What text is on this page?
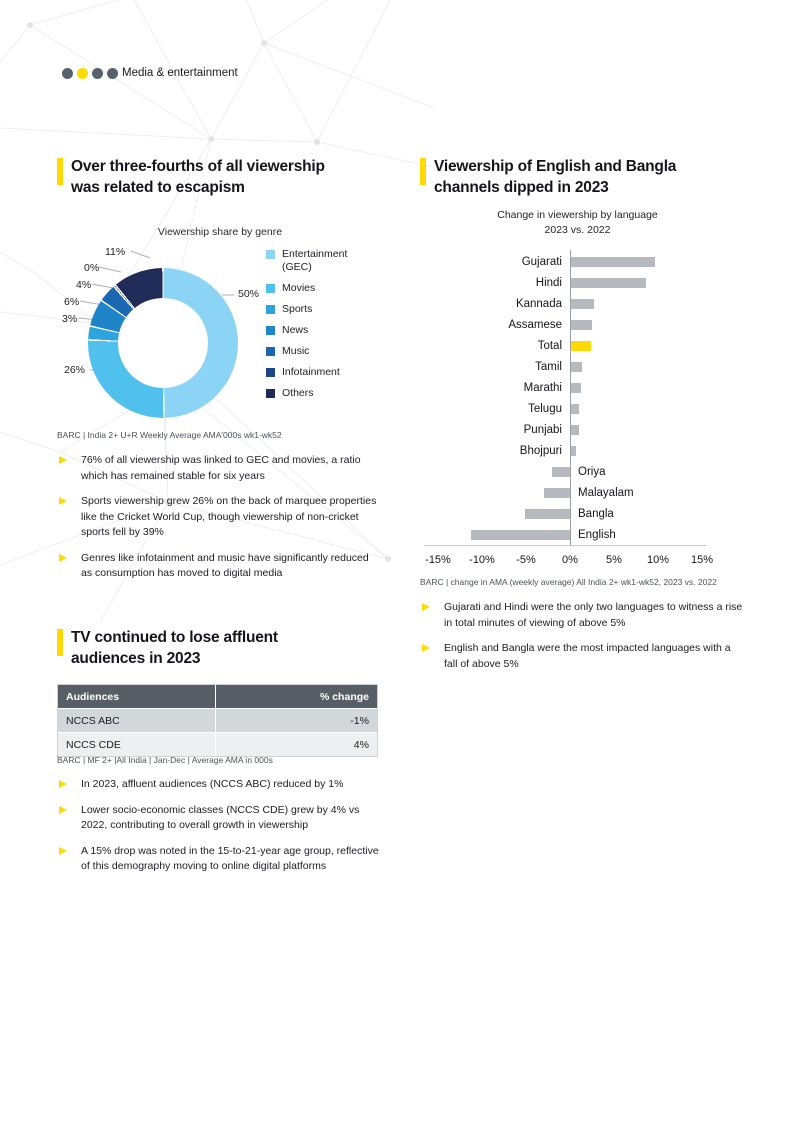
Media & entertainment
Over three-fourths of all viewership was related to escapism
Viewership share by genre
50%
26%
3%
6%
4%
0%
11%	Entertainment (GEC)
Movies
Sports
News
Music
Infotainment
Others
BARC | India 2+ U+R Weekly Average AMA'000s wk1-wk52
76% of all viewership was linked to GEC and movies, a ratio which has remained stable for six years
Sports viewership grew 26% on the back of marquee properties like the Cricket World Cup, though viewership of non-cricket sports fell by 39%
Genres like infotainment and music have significantly reduced as consumption has moved to digital media
TV continued to lose affluent audiences in 2023
Audiences	% change
NCCS ABC	-1%
NCCS CDE	4%
BARC | MF 2+ |All India | Jan-Dec | Average AMA in 000s
In 2023, affluent audiences (NCCS ABC) reduced by 1%
Lower socio-economic classes (NCCS CDE) grew by 4% vs 2022, contributing to overall growth in viewership
A 15% drop was noted in the 15-to-21-year age group, reflective of this demography moving to online digital platforms
Viewership of English and Bangla channels dipped in 2023
Change in viewership by language
2023 vs. 2022
Gujarati
Hindi
Kannada
Assamese
Total
Tamil
Marathi
Telugu
Punjabi
Bhojpuri
Oriya
Malayalam
Bangla
English
-15%	-10%	-5%	0%	5%	10%	15%
BARC | change in AMA (weekly average) All India 2+ wk1-wk52, 2023 vs. 2022
Gujarati and Hindi were the only two languages to witness a rise in total minutes of viewing of above 5%
English and Bangla were the most impacted languages with a fall of above 5%
